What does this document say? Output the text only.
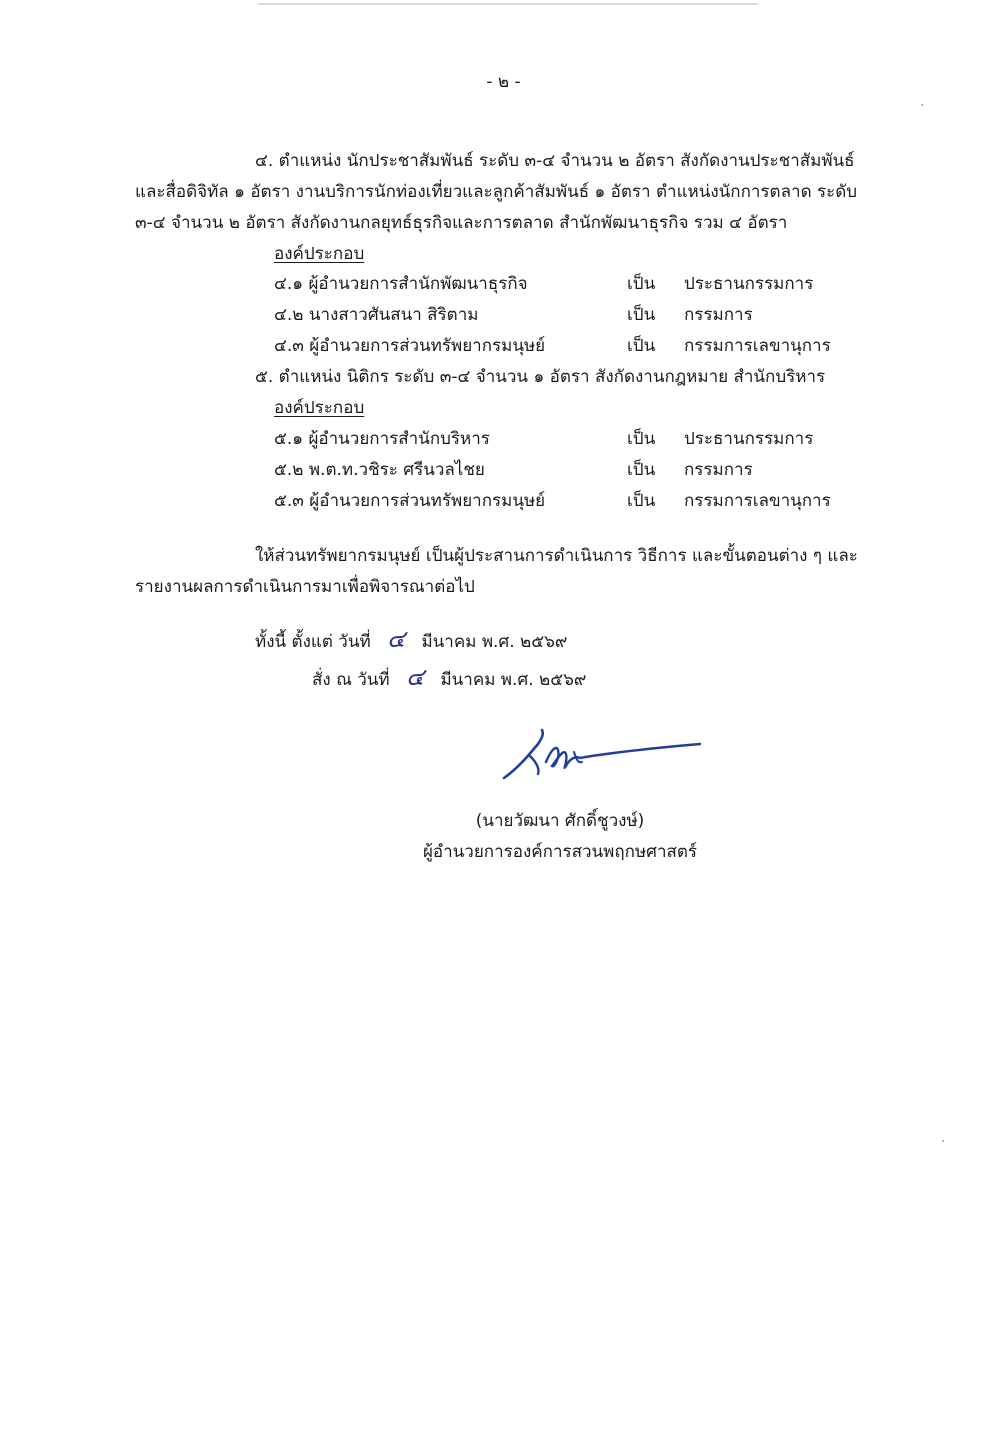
- ๒ -
๔. ตำแหน่ง นักประชาสัมพันธ์ ระดับ ๓-๔ จำนวน ๒ อัตรา สังกัดงานประชาสัมพันธ์
และสื่อดิจิทัล ๑ อัตรา งานบริการนักท่องเที่ยวและลูกค้าสัมพันธ์ ๑ อัตรา ตำแหน่งนักการตลาด ระดับ
๓-๔ จำนวน ๒ อัตรา สังกัดงานกลยุทธ์ธุรกิจและการตลาด สำนักพัฒนาธุรกิจ รวม ๔ อัตรา
องค์ประกอบ
๔.๑ ผู้อำนวยการสำนักพัฒนาธุรกิจ	เป็น ประธานกรรมการ
๔.๒ นางสาวศันสนา สิริตาม	เป็น กรรมการ
๔.๓ ผู้อำนวยการส่วนทรัพยากรมนุษย์	เป็น กรรมการเลขานุการ
๕. ตำแหน่ง นิติกร ระดับ ๓-๔ จำนวน ๑ อัตรา สังกัดงานกฎหมาย สำนักบริหาร
องค์ประกอบ
๕.๑ ผู้อำนวยการสำนักบริหาร	เป็น ประธานกรรมการ
๕.๒ พ.ต.ท.วชิระ ศรีนวลไชย	เป็น กรรมการ
๕.๓ ผู้อำนวยการส่วนทรัพยากรมนุษย์	เป็น กรรมการเลขานุการ
ให้ส่วนทรัพยากรมนุษย์ เป็นผู้ประสานการดำเนินการ วิธีการ และขั้นตอนต่าง ๆ และ
รายงานผลการดำเนินการมาเพื่อพิจารณาต่อไป
ทั้งนี้ ตั้งแต่ วันที่ ๔ มีนาคม พ.ศ. ๒๕๖๙
สั่ง ณ วันที่ ๔ มีนาคม พ.ศ. ๒๕๖๙
(นายวัฒนา ศักดิ์ชูวงษ์)
ผู้อำนวยการองค์การสวนพฤกษศาสตร์
